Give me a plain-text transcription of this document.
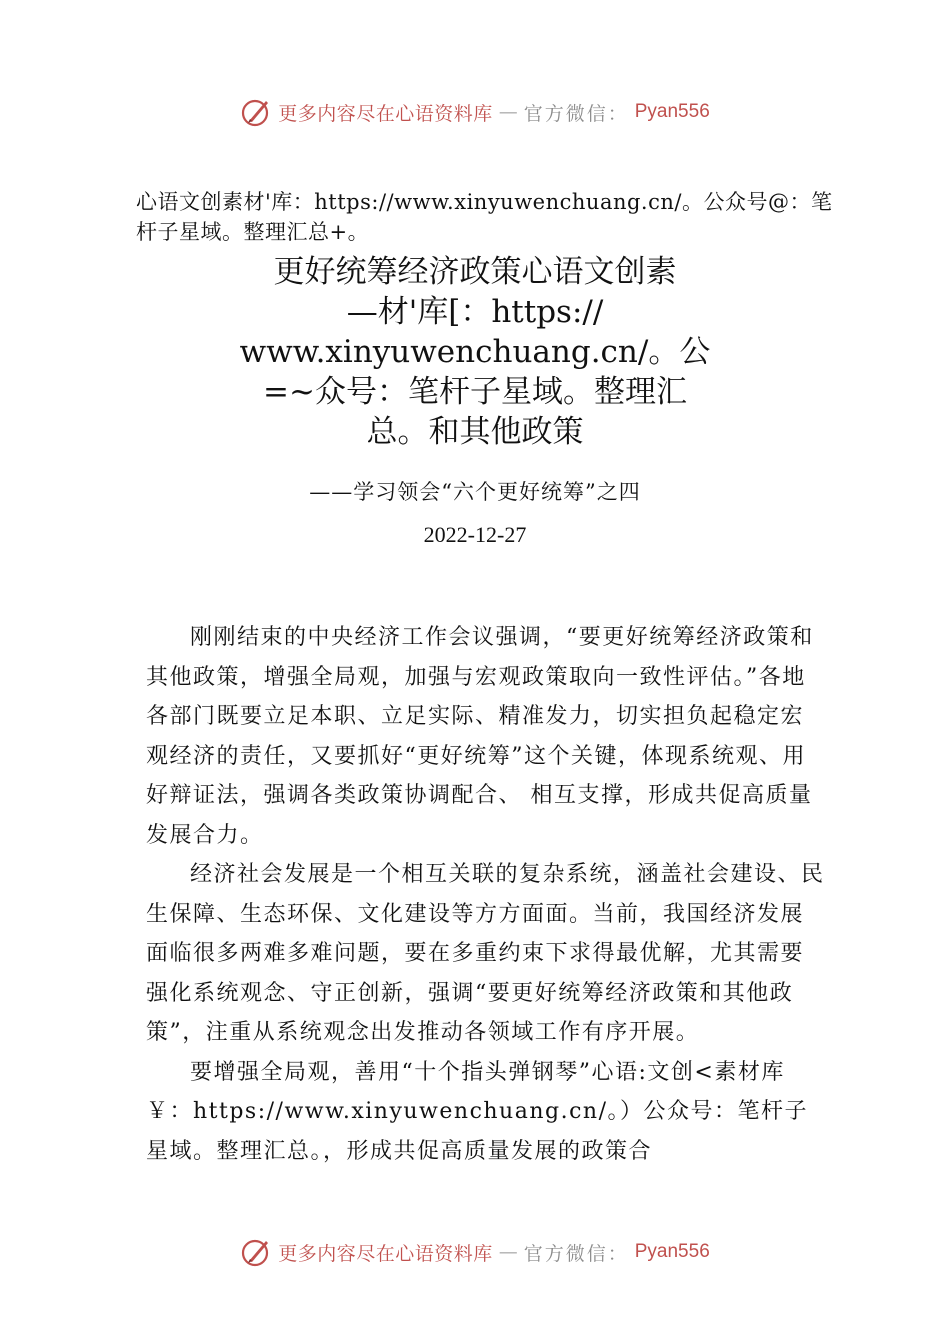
更多内容尽在心语资料库 — 官方微信： Pyan556
心语文创素材'库：https://www.xinyuwenchuang.cn/。公众号@：笔杆子星域。整理汇总+。
更好统筹经济政策心语文创素
—材'库[：https://
www.xinyuwenchuang.cn/。公
=~众号：笔杆子星域。整理汇
总。和其他政策
——学习领会“六个更好统筹”之四
2022-12-27

刚刚结束的中央经济工作会议强调，“要更好统筹经济政策和其他政策，增强全局观，加强与宏观政策取向一致性评估。”各地各部门既要立足本职、立足实际、精准发力，切实担负起稳定宏观经济的责任，又要抓好“更好统筹”这个关键，体现系统观、用好辩证法，强调各类政策协调配合、 相互支撑，形成共促高质量发展合力。

经济社会发展是一个相互关联的复杂系统，涵盖社会建设、民生保障、生态环保、文化建设等方方面面。当前，我国经济发展面临很多两难多难问题，要在多重约束下求得最优解，尤其需要强化系统观念、守正创新，强调“要更好统筹经济政策和其他政策”，注重从系统观念出发推动各领域工作有序开展。

要增强全局观，善用“十个指头弹钢琴”心语:文创<素材库￥：https://www.xinyuwenchuang.cn/。）公众号：笔杆子星域。整理汇总。，形成共促高质量发展的政策合

更多内容尽在心语资料库 — 官方微信： Pyan556
